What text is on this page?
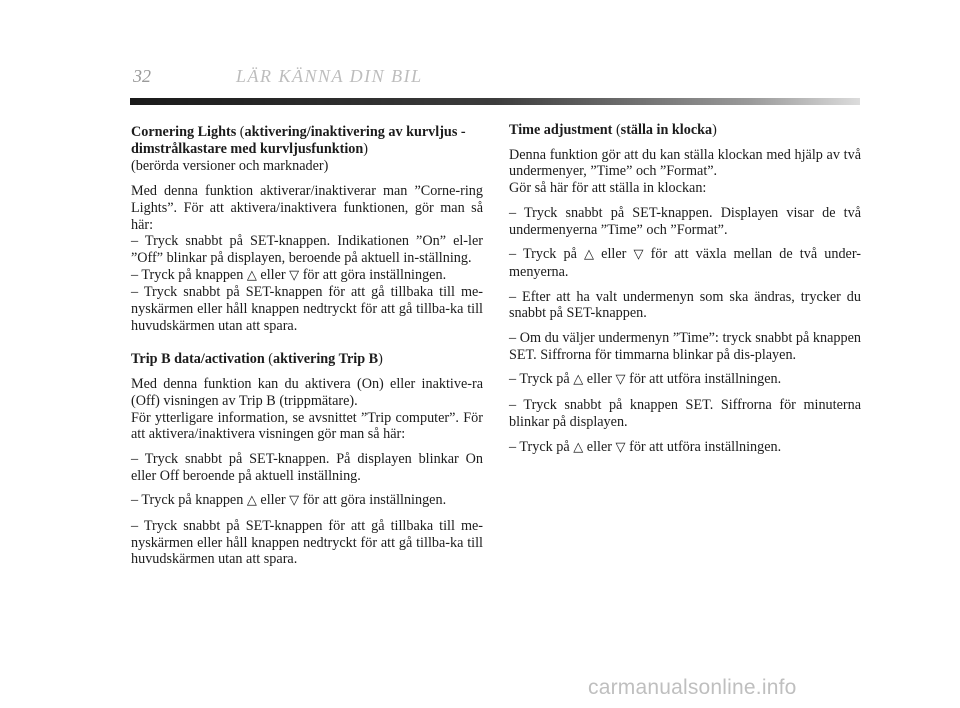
32	LÄR KÄNNA DIN BIL
Cornering Lights (aktivering/inaktivering av kurvljus - dimstrålkastare med kurvljusfunktion)
(berörda versioner och marknader)
Med denna funktion aktiverar/inaktiverar man ”Corne-ring Lights”. För att aktivera/inaktivera funktionen, gör man så här:
– Tryck snabbt på SET-knappen. Indikationen ”On” el-ler ”Off” blinkar på displayen, beroende på aktuell in-ställning.
– Tryck på knappen △ eller ▽ för att göra inställningen.
– Tryck snabbt på SET-knappen för att gå tillbaka till me-nyskärmen eller håll knappen nedtryckt för att gå tillba-ka till huvudskärmen utan att spara.
Trip B data/activation (aktivering Trip B)
Med denna funktion kan du aktivera (On) eller inaktive-ra (Off) visningen av Trip B (trippmätare).
För ytterligare information, se avsnittet ”Trip computer”. För att aktivera/inaktivera visningen gör man så här:
– Tryck snabbt på SET-knappen. På displayen blinkar On eller Off beroende på aktuell inställning.
– Tryck på knappen △ eller ▽ för att göra inställningen.
– Tryck snabbt på SET-knappen för att gå tillbaka till me-nyskärmen eller håll knappen nedtryckt för att gå tillba-ka till huvudskärmen utan att spara.
Time adjustment (ställa in klocka)
Denna funktion gör att du kan ställa klockan med hjälp av två undermenyer, ”Time” och ”Format”.
Gör så här för att ställa in klockan:
– Tryck snabbt på SET-knappen. Displayen visar de två undermenyerna ”Time” och ”Format”.
– Tryck på △ eller ▽ för att växla mellan de två under-menyerna.
– Efter att ha valt undermenyn som ska ändras, trycker du snabbt på SET-knappen.
– Om du väljer undermenyn ”Time”: tryck snabbt på knappen SET. Siffrorna för timmarna blinkar på dis-playen.
– Tryck på △ eller ▽ för att utföra inställningen.
– Tryck snabbt på knappen SET. Siffrorna för minuterna blinkar på displayen.
– Tryck på △ eller ▽ för att utföra inställningen.
carmanualsonline.info
